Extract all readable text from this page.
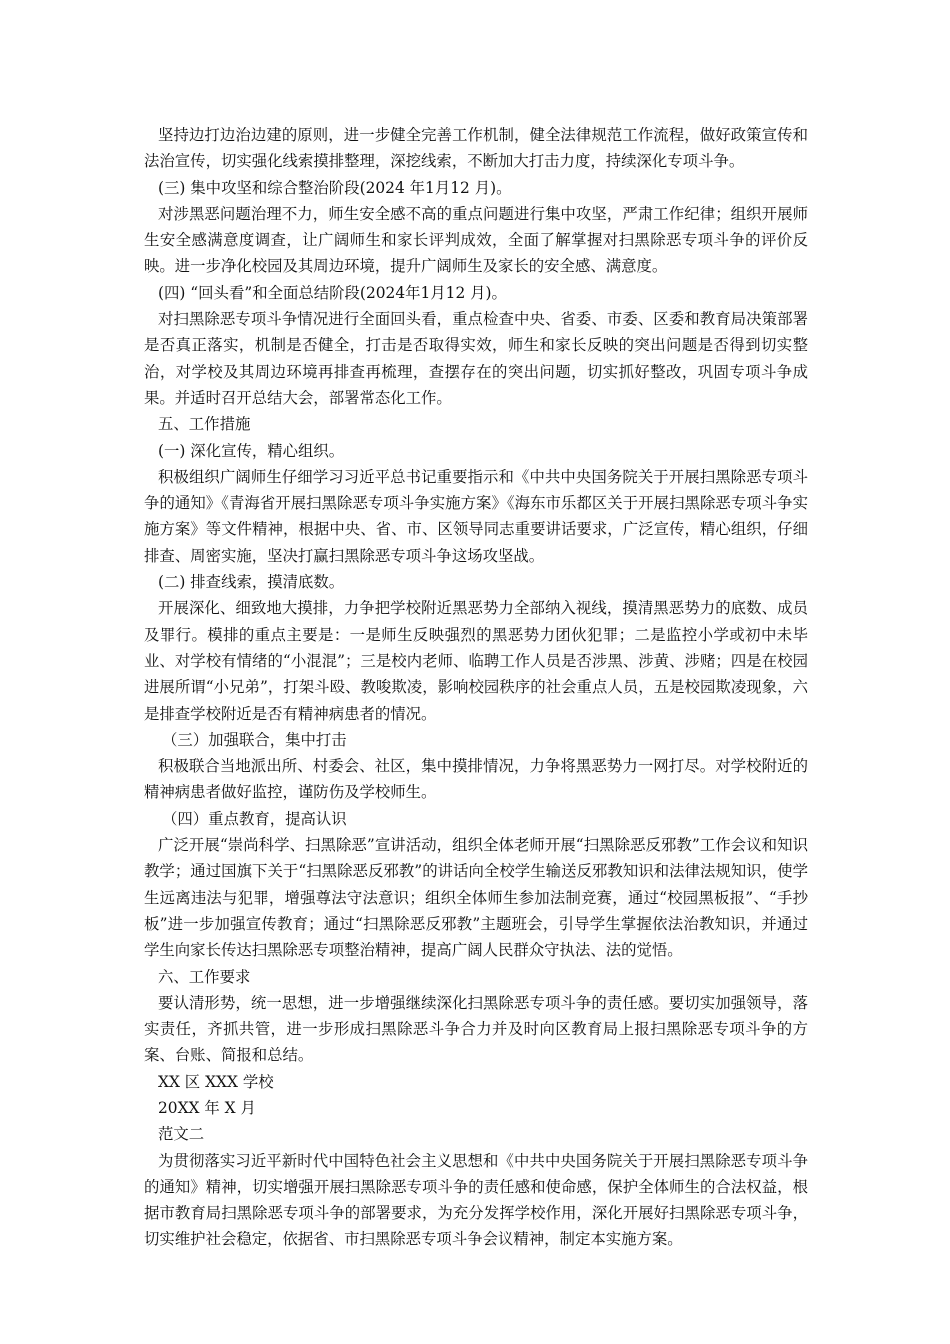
坚持边打边治边建的原则，进一步健全完善工作机制，健全法律规范工作流程，做好政策宣传和法治宣传，切实强化线索摸排整理，深挖线索，不断加大打击力度，持续深化专项斗争。

(三) 集中攻坚和综合整治阶段(2024 年1月12 月)。

对涉黑恶问题治理不力，师生安全感不高的重点问题进行集中攻坚，严肃工作纪律；组织开展师生安全感满意度调查，让广阔师生和家长评判成效，全面了解掌握对扫黑除恶专项斗争的评价反映。进一步净化校园及其周边环境，提升广阔师生及家长的安全感、满意度。

(四) “回头看”和全面总结阶段(2024年1月12 月)。

对扫黑除恶专项斗争情况进行全面回头看，重点检查中央、省委、市委、区委和教育局决策部署是否真正落实，机制是否健全，打击是否取得实效，师生和家长反映的突出问题是否得到切实整治，对学校及其周边环境再排查再梳理，查摆存在的突出问题，切实抓好整改，巩固专项斗争成果。并适时召开总结大会，部署常态化工作。

五、工作措施

(一) 深化宣传，精心组织。

积极组织广阔师生仔细学习习近平总书记重要指示和《中共中央国务院关于开展扫黑除恶专项斗争的通知》《青海省开展扫黑除恶专项斗争实施方案》《海东市乐都区关于开展扫黑除恶专项斗争实施方案》等文件精神，根据中央、省、市、区领导同志重要讲话要求，广泛宣传，精心组织，仔细排查、周密实施，坚决打赢扫黑除恶专项斗争这场攻坚战。

(二) 排查线索，摸清底数。

开展深化、细致地大摸排，力争把学校附近黑恶势力全部纳入视线，摸清黑恶势力的底数、成员及罪行。模排的重点主要是：一是师生反映强烈的黑恶势力团伙犯罪；二是监控小学或初中未毕业、对学校有情绪的“小混混”；三是校内老师、临聘工作人员是否涉黑、涉黄、涉赌；四是在校园进展所谓“小兄弟”，打架斗殴、教唆欺凌，影响校园秩序的社会重点人员，五是校园欺凌现象，六是排查学校附近是否有精神病患者的情况。

（三）加强联合，集中打击

积极联合当地派出所、村委会、社区，集中摸排情况，力争将黑恶势力一网打尽。对学校附近的精神病患者做好监控，谨防伤及学校师生。

（四）重点教育，提高认识

广泛开展“崇尚科学、扫黑除恶”宣讲活动，组织全体老师开展“扫黑除恶反邪教”工作会议和知识教学；通过国旗下关于“扫黑除恶反邪教”的讲话向全校学生输送反邪教知识和法律法规知识，使学生远离违法与犯罪，增强尊法守法意识；组织全体师生参加法制竞赛，通过“校园黑板报”、“手抄板”进一步加强宣传教育；通过“扫黑除恶反邪教”主题班会，引导学生掌握依法治教知识，并通过学生向家长传达扫黑除恶专项整治精神，提高广阔人民群众守执法、法的觉悟。

六、工作要求

要认清形势，统一思想，进一步增强继续深化扫黑除恶专项斗争的责任感。要切实加强领导，落实责任，齐抓共管，进一步形成扫黑除恶斗争合力并及时向区教育局上报扫黑除恶专项斗争的方案、台账、简报和总结。

XX 区 XXX 学校

20XX 年 X 月

范文二

为贯彻落实习近平新时代中国特色社会主义思想和《中共中央国务院关于开展扫黑除恶专项斗争的通知》精神，切实增强开展扫黑除恶专项斗争的责任感和使命感，保护全体师生的合法权益，根据市教育局扫黑除恶专项斗争的部署要求，为充分发挥学校作用，深化开展好扫黑除恶专项斗争，切实维护社会稳定，依据省、市扫黑除恶专项斗争会议精神，制定本实施方案。
